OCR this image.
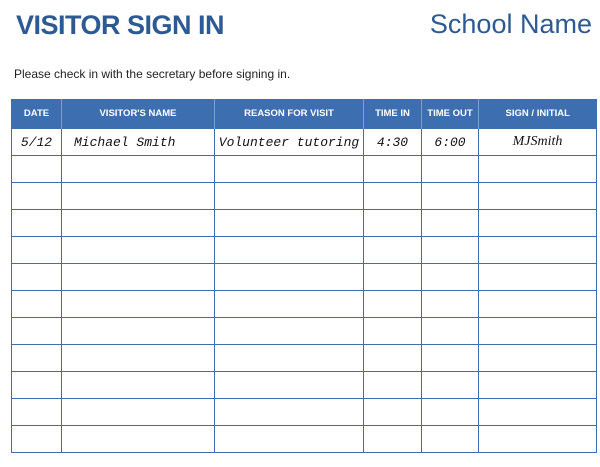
VISITOR SIGN IN	School Name
Please check in with the secretary before signing in.
DATE	VISITOR'S NAME	REASON FOR VISIT	TIME IN	TIME OUT	SIGN / INITIAL
5/12	Michael Smith	Volunteer tutoring	4:30	6:00	MJSmith
